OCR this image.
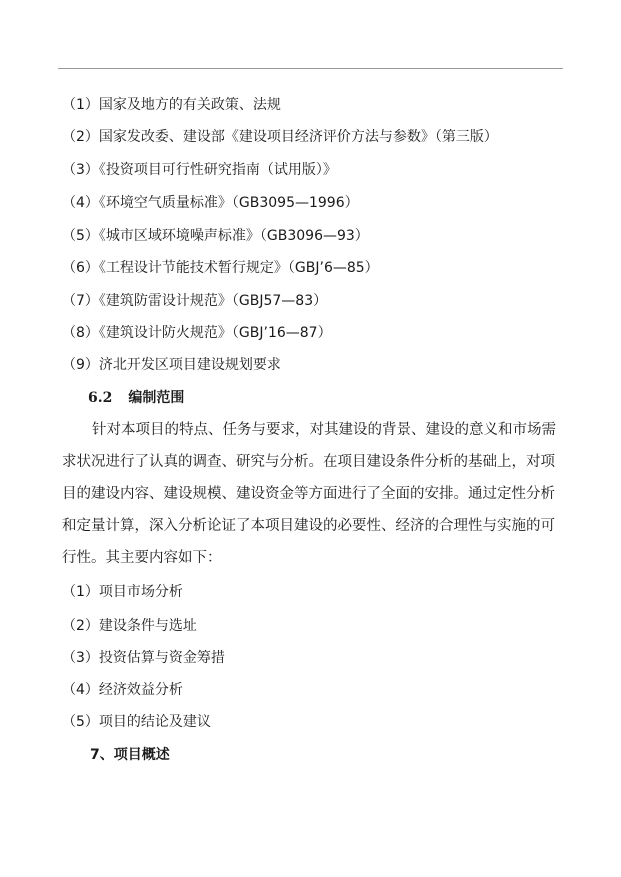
（1）国家及地方的有关政策、法规
（2）国家发改委、建设部《建设项目经济评价方法与参数》（第三版）
（3）《投资项目可行性研究指南（试用版）》
（4）《环境空气质量标准》（GB3095—1996）
（5）《城市区域环境噪声标准》（GB3096—93）
（6）《工程设计节能技术暂行规定》（GBJ’6—85）
（7）《建筑防雷设计规范》（GBJ57—83）
（8）《建筑设计防火规范》（GBJ’16—87）
（9）济北开发区项目建设规划要求
6.2 编制范围
针对本项目的特点、任务与要求，对其建设的背景、建设的意义和市场需
求状况进行了认真的调查、研究与分析。在项目建设条件分析的基础上，对项
目的建设内容、建设规模、建设资金等方面进行了全面的安排。通过定性分析
和定量计算，深入分析论证了本项目建设的必要性、经济的合理性与实施的可
行性。其主要内容如下：
（1）项目市场分析
（2）建设条件与选址
（3）投资估算与资金筹措
（4）经济效益分析
（5）项目的结论及建议
7、项目概述
